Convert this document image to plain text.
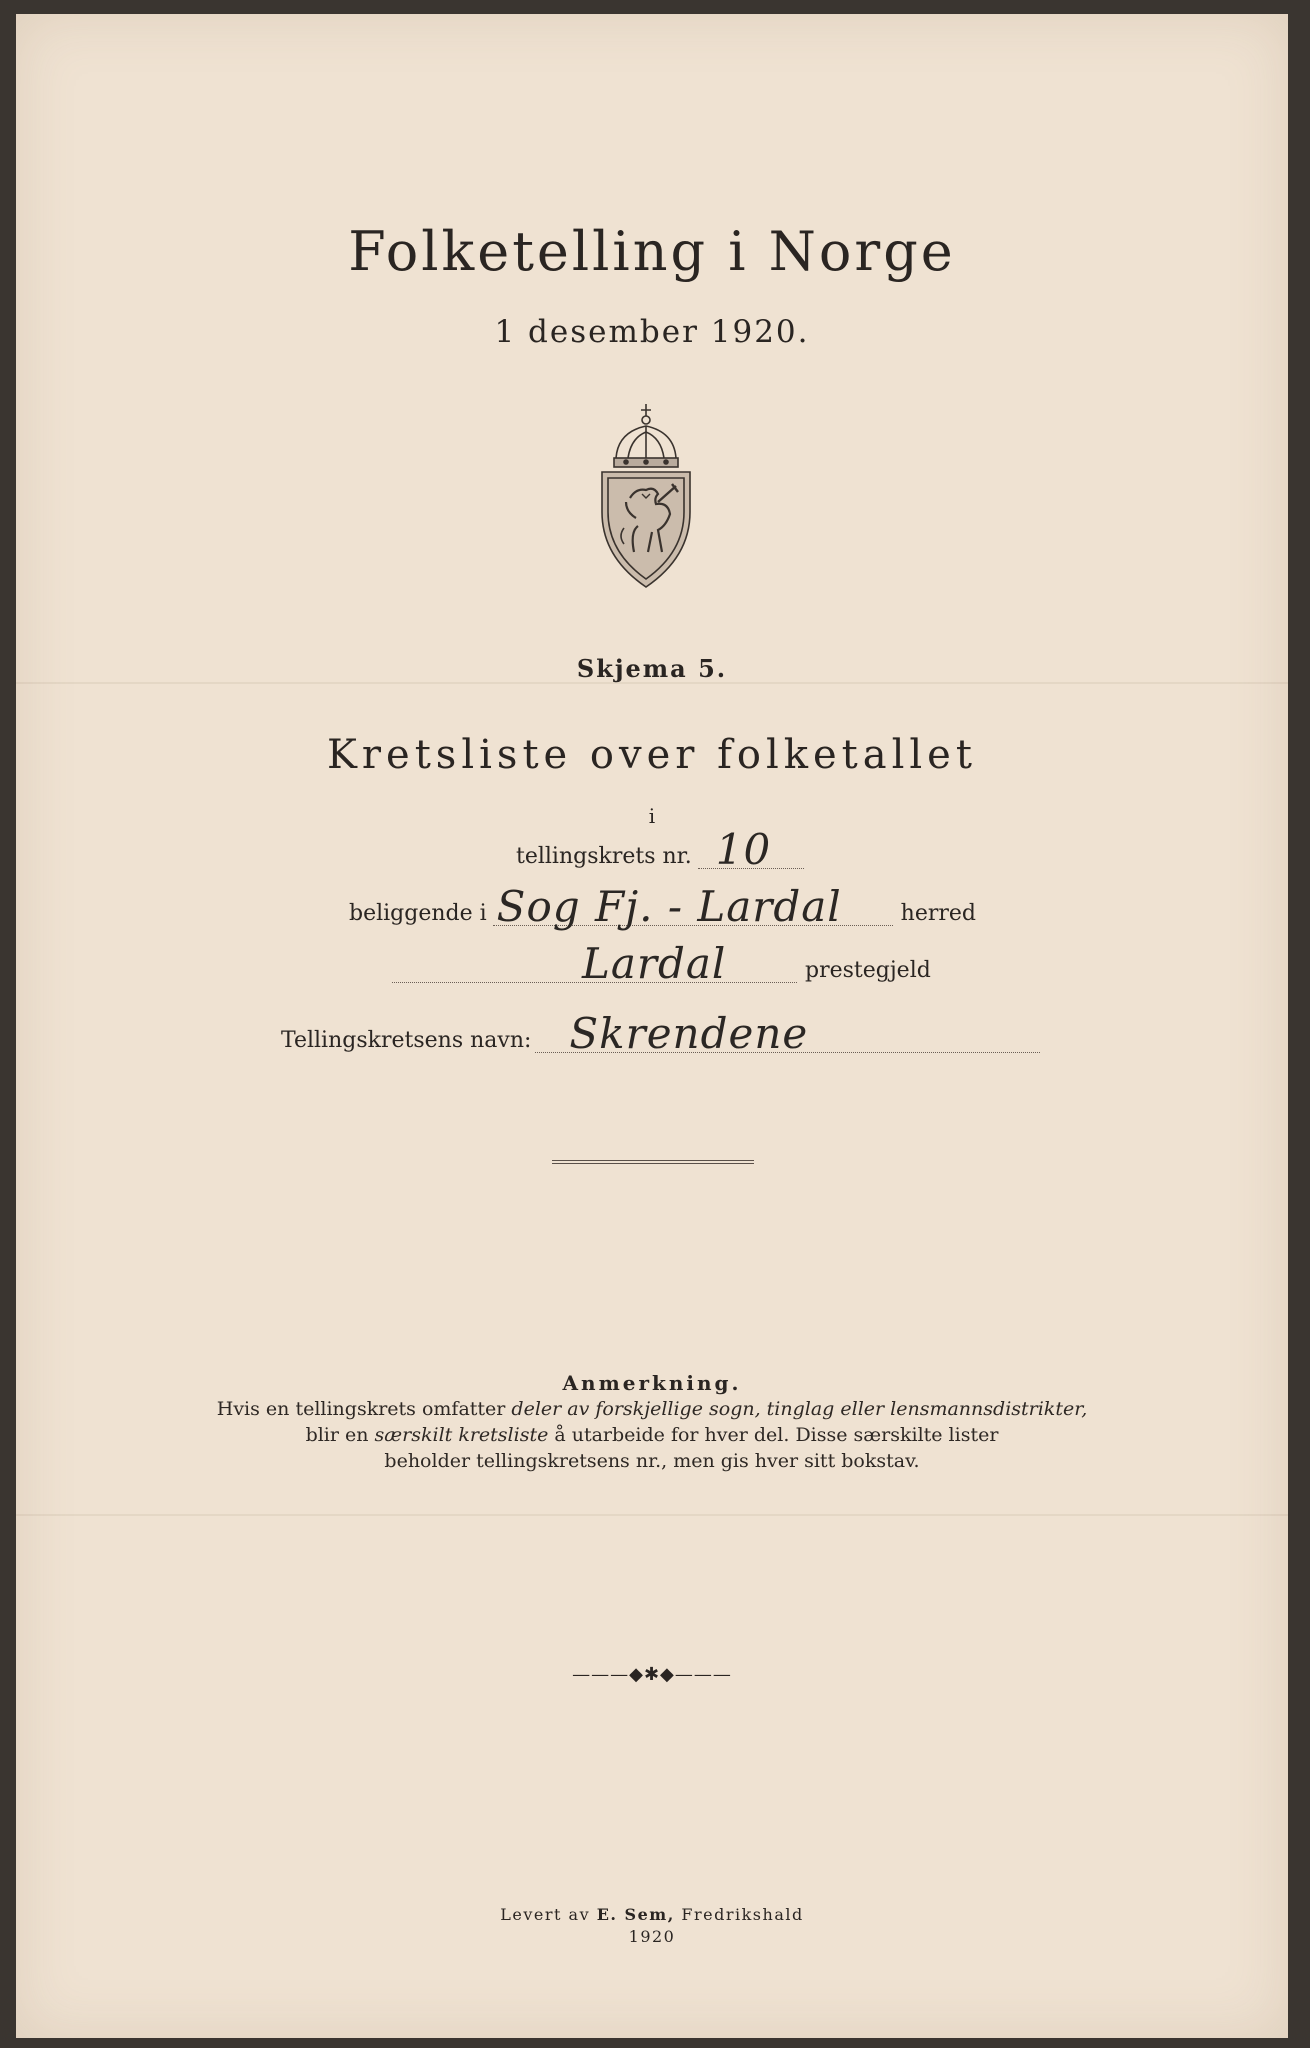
Folketelling i Norge
1 desember 1920.
Skjema 5.
Kretsliste over folketallet
i
tellingskrets nr. 10
beliggende i Sog Fj. - Lardal	herred
Lardal	prestegjeld
Tellingskretsens navn: Skrendene
Anmerkning.
Hvis en tellingskrets omfatter deler av forskjellige sogn, tinglag eller lensmannsdistrikter,
blir en særskilt kretsliste å utarbeide for hver del. Disse særskilte lister
beholder tellingskretsens nr., men gis hver sitt bokstav.
———◆✱◆———
Levert av E. Sem, Fredrikshald
1920
